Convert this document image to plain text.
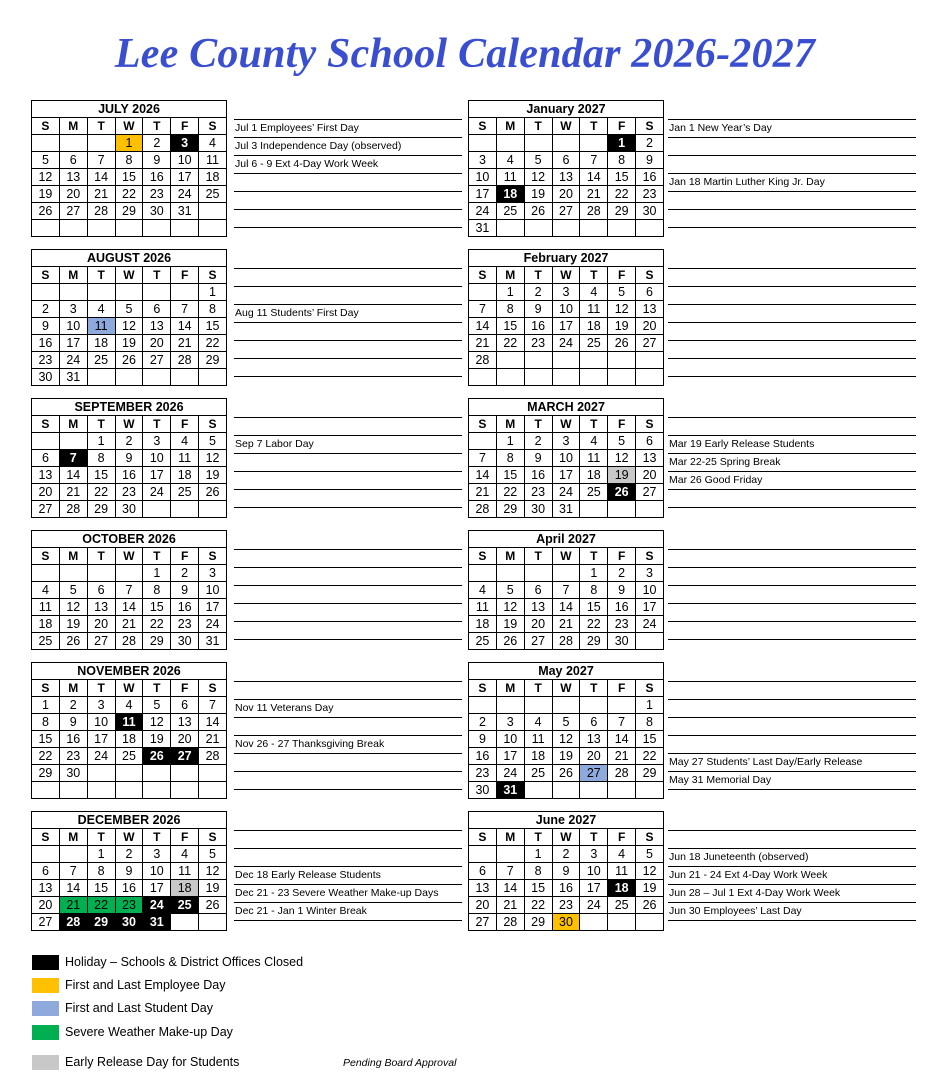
Lee County School Calendar 2026-2027
JULY 2026						
S	M	T	W	T	F	S
			1	2	3	4
5	6	7	8	9	10	11
12	13	14	15	16	17	18
19	20	21	22	23	24	25
26	27	28	29	30	31	

Jul 1 Employees’ First Day
Jul 3 Independence Day (observed)
Jul 6 - 9 Ext 4-Day Work Week
AUGUST 2026						
S	M	T	W	T	F	S
						1
2	3	4	5	6	7	8
9	10	11	12	13	14	15
16	17	18	19	20	21	22
23	24	25	26	27	28	29
30	31					
Aug 11 Students’ First Day
SEPTEMBER 2026						
S	M	T	W	T	F	S
		1	2	3	4	5
6	7	8	9	10	11	12
13	14	15	16	17	18	19
20	21	22	23	24	25	26
27	28	29	30			
Sep 7 Labor Day
OCTOBER 2026						
S	M	T	W	T	F	S
				1	2	3
4	5	6	7	8	9	10
11	12	13	14	15	16	17
18	19	20	21	22	23	24
25	26	27	28	29	30	31
NOVEMBER 2026						
S	M	T	W	T	F	S
1	2	3	4	5	6	7
8	9	10	11	12	13	14
15	16	17	18	19	20	21
22	23	24	25	26	27	28
29	30					

Nov 11 Veterans Day
Nov 26 - 27 Thanksgiving Break
DECEMBER 2026						
S	M	T	W	T	F	S
		1	2	3	4	5
6	7	8	9	10	11	12
13	14	15	16	17	18	19
20	21	22	23	24	25	26
27	28	29	30	31		
Dec 18 Early Release Students
Dec 21 - 23 Severe Weather Make-up Days
Dec 21 - Jan 1 Winter Break
January 2027						
S	M	T	W	T	F	S
					1	2
3	4	5	6	7	8	9
10	11	12	13	14	15	16
17	18	19	20	21	22	23
24	25	26	27	28	29	30
31						
Jan 1 New Year’s Day
Jan 18 Martin Luther King Jr. Day
February 2027						
S	M	T	W	T	F	S
	1	2	3	4	5	6
7	8	9	10	11	12	13
14	15	16	17	18	19	20
21	22	23	24	25	26	27
28						

MARCH 2027						
S	M	T	W	T	F	S
	1	2	3	4	5	6
7	8	9	10	11	12	13
14	15	16	17	18	19	20
21	22	23	24	25	26	27
28	29	30	31			
Mar 19 Early Release Students
Mar 22-25 Spring Break
Mar 26 Good Friday
April 2027						
S	M	T	W	T	F	S
				1	2	3
4	5	6	7	8	9	10
11	12	13	14	15	16	17
18	19	20	21	22	23	24
25	26	27	28	29	30	
May 2027						
S	M	T	W	T	F	S
						1
2	3	4	5	6	7	8
9	10	11	12	13	14	15
16	17	18	19	20	21	22
23	24	25	26	27	28	29
30	31					
May 27 Students’ Last Day/Early Release
May 31 Memorial Day
June 2027						
S	M	T	W	T	F	S
		1	2	3	4	5
6	7	8	9	10	11	12
13	14	15	16	17	18	19
20	21	22	23	24	25	26
27	28	29	30			
Jun 18 Juneteenth (observed)
Jun 21 - 24 Ext 4-Day Work Week
Jun 28 – Jul 1 Ext 4-Day Work Week
Jun 30 Employees’ Last Day
Holiday – Schools & District Offices Closed
First and Last Employee Day
First and Last Student Day
Severe Weather Make-up Day
Early Release Day for Students	Pending Board Approval
